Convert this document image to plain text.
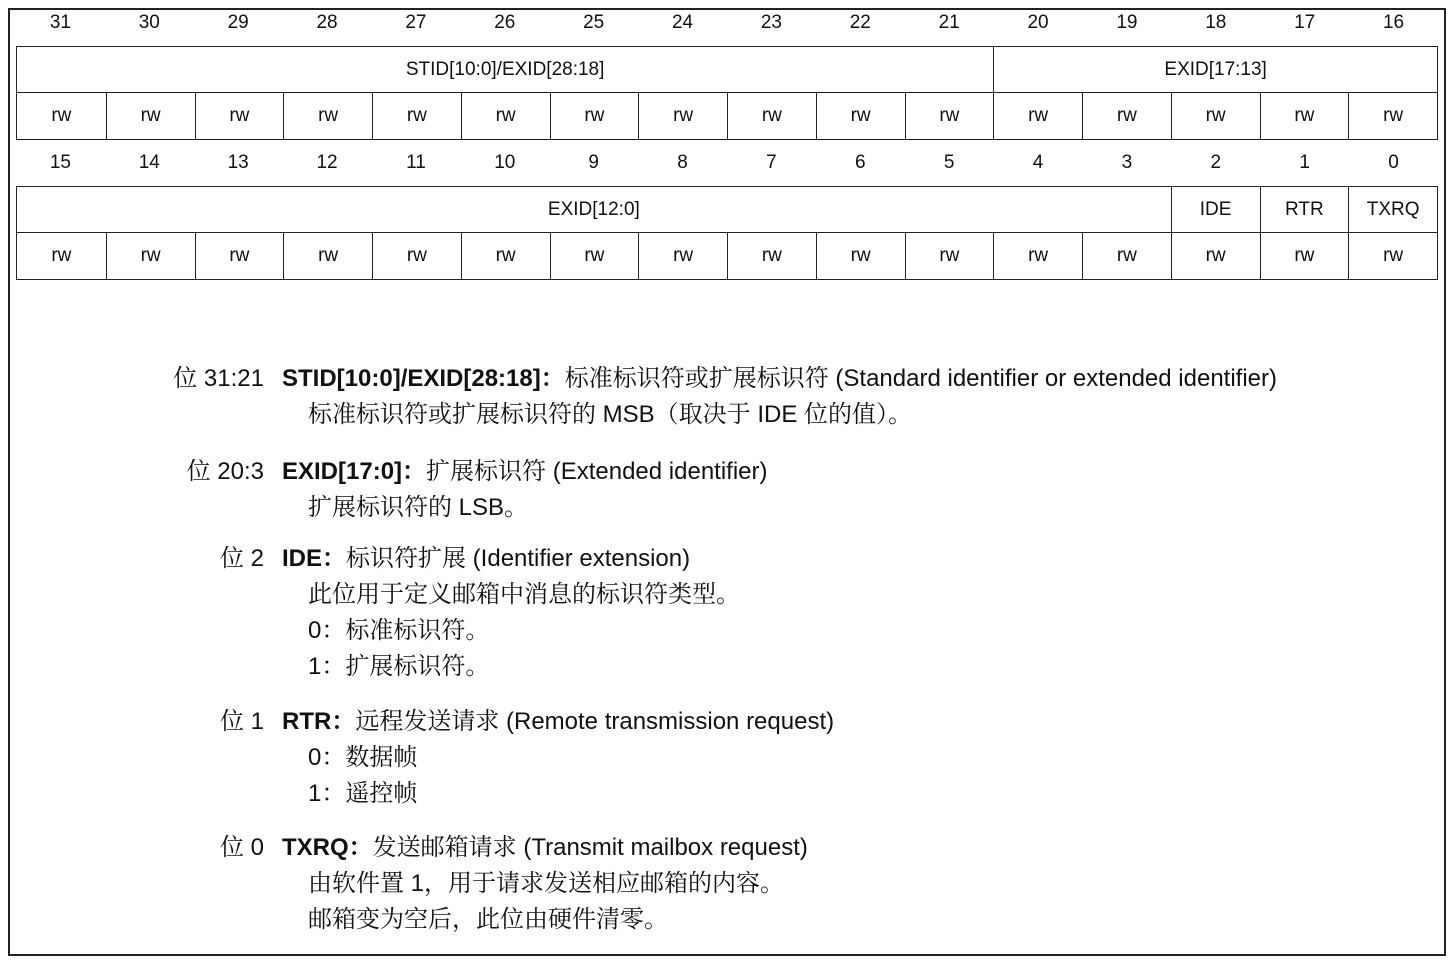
31	30	29	28	27	26	25	24	23	22	21	20	19	18	17	16
STID[10:0]/EXID[28:18]	EXID[17:13]
rw	rw	rw	rw	rw	rw	rw	rw	rw	rw	rw	rw	rw	rw	rw	rw
15	14	13	12	11	10	9	8	7	6	5	4	3	2	1	0
EXID[12:0]	IDE	RTR	TXRQ
rw	rw	rw	rw	rw	rw	rw	rw	rw	rw	rw	rw	rw	rw	rw	rw
位 31:21 STID[10:0]/EXID[28:18]：标准标识符或扩展标识符 (Standard identifier or extended identifier)
标准标识符或扩展标识符的 MSB（取决于 IDE 位的值）。
位 20:3 EXID[17:0]：扩展标识符 (Extended identifier)
扩展标识符的 LSB。
位 2 IDE：标识符扩展 (Identifier extension)
此位用于定义邮箱中消息的标识符类型。
0：标准标识符。
1：扩展标识符。
位 1 RTR：远程发送请求 (Remote transmission request)
0：数据帧
1：遥控帧
位 0 TXRQ：发送邮箱请求 (Transmit mailbox request)
由软件置 1，用于请求发送相应邮箱的内容。
邮箱变为空后，此位由硬件清零。
